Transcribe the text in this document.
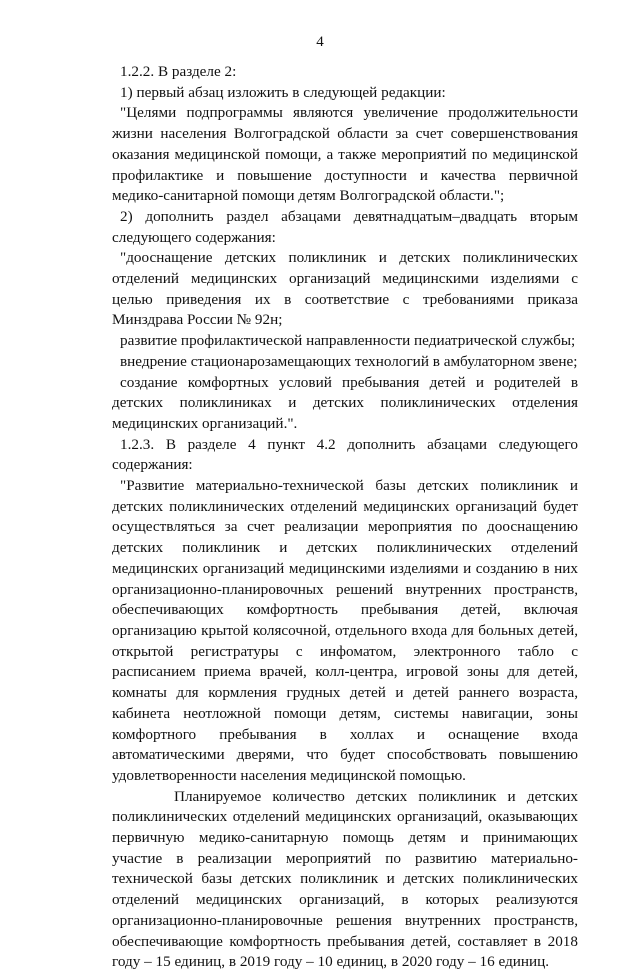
4

1.2.2. В разделе 2:

1) первый абзац изложить в следующей редакции:

"Целями подпрограммы являются увеличение продолжительности жизни населения Волгоградской области за счет совершенствования оказания медицинской помощи, а также мероприятий по медицинской профилактике и повышение доступности и качества первичной медико-санитарной помощи детям Волгоградской области.";

2) дополнить раздел абзацами девятнадцатым–двадцать вторым следующего содержания:

"дооснащение детских поликлиник и детских поликлинических отделений медицинских организаций медицинскими изделиями с целью приведения их в соответствие с требованиями приказа Минздрава России № 92н;

развитие профилактической направленности педиатрической службы;

внедрение стационарозамещающих технологий в амбулаторном звене;

создание комфортных условий пребывания детей и родителей в детских поликлиниках и детских поликлинических отделения медицинских организаций.".

1.2.3. В разделе 4 пункт 4.2 дополнить абзацами следующего содержания:

"Развитие материально-технической базы детских поликлиник и детских поликлинических отделений медицинских организаций будет осуществляться за счет реализации мероприятия по дооснащению детских поликлиник и детских поликлинических отделений медицинских организаций медицинскими изделиями и созданию в них организационно-планировочных решений внутренних пространств, обеспечивающих комфортность пребывания детей, включая организацию крытой колясочной, отдельного входа для больных детей, открытой регистратуры с инфоматом, электронного табло с расписанием приема врачей, колл-центра, игровой зоны для детей, комнаты для кормления грудных детей и детей раннего возраста, кабинета неотложной помощи детям, системы навигации, зоны комфортного пребывания в холлах и оснащение входа автоматическими дверями, что будет способствовать повышению удовлетворенности населения медицинской помощью.

Планируемое количество детских поликлиник и детских поликлинических отделений медицинских организаций, оказывающих первичную медико-санитарную помощь детям и принимающих участие в реализации мероприятий по развитию материально-технической базы детских поликлиник и детских поликлинических отделений медицинских организаций, в которых реализуются организационно-планировочные решения внутренних пространств, обеспечивающие комфортность пребывания детей, составляет в 2018 году – 15 единиц, в 2019 году – 10 единиц, в 2020 году – 16 единиц.
